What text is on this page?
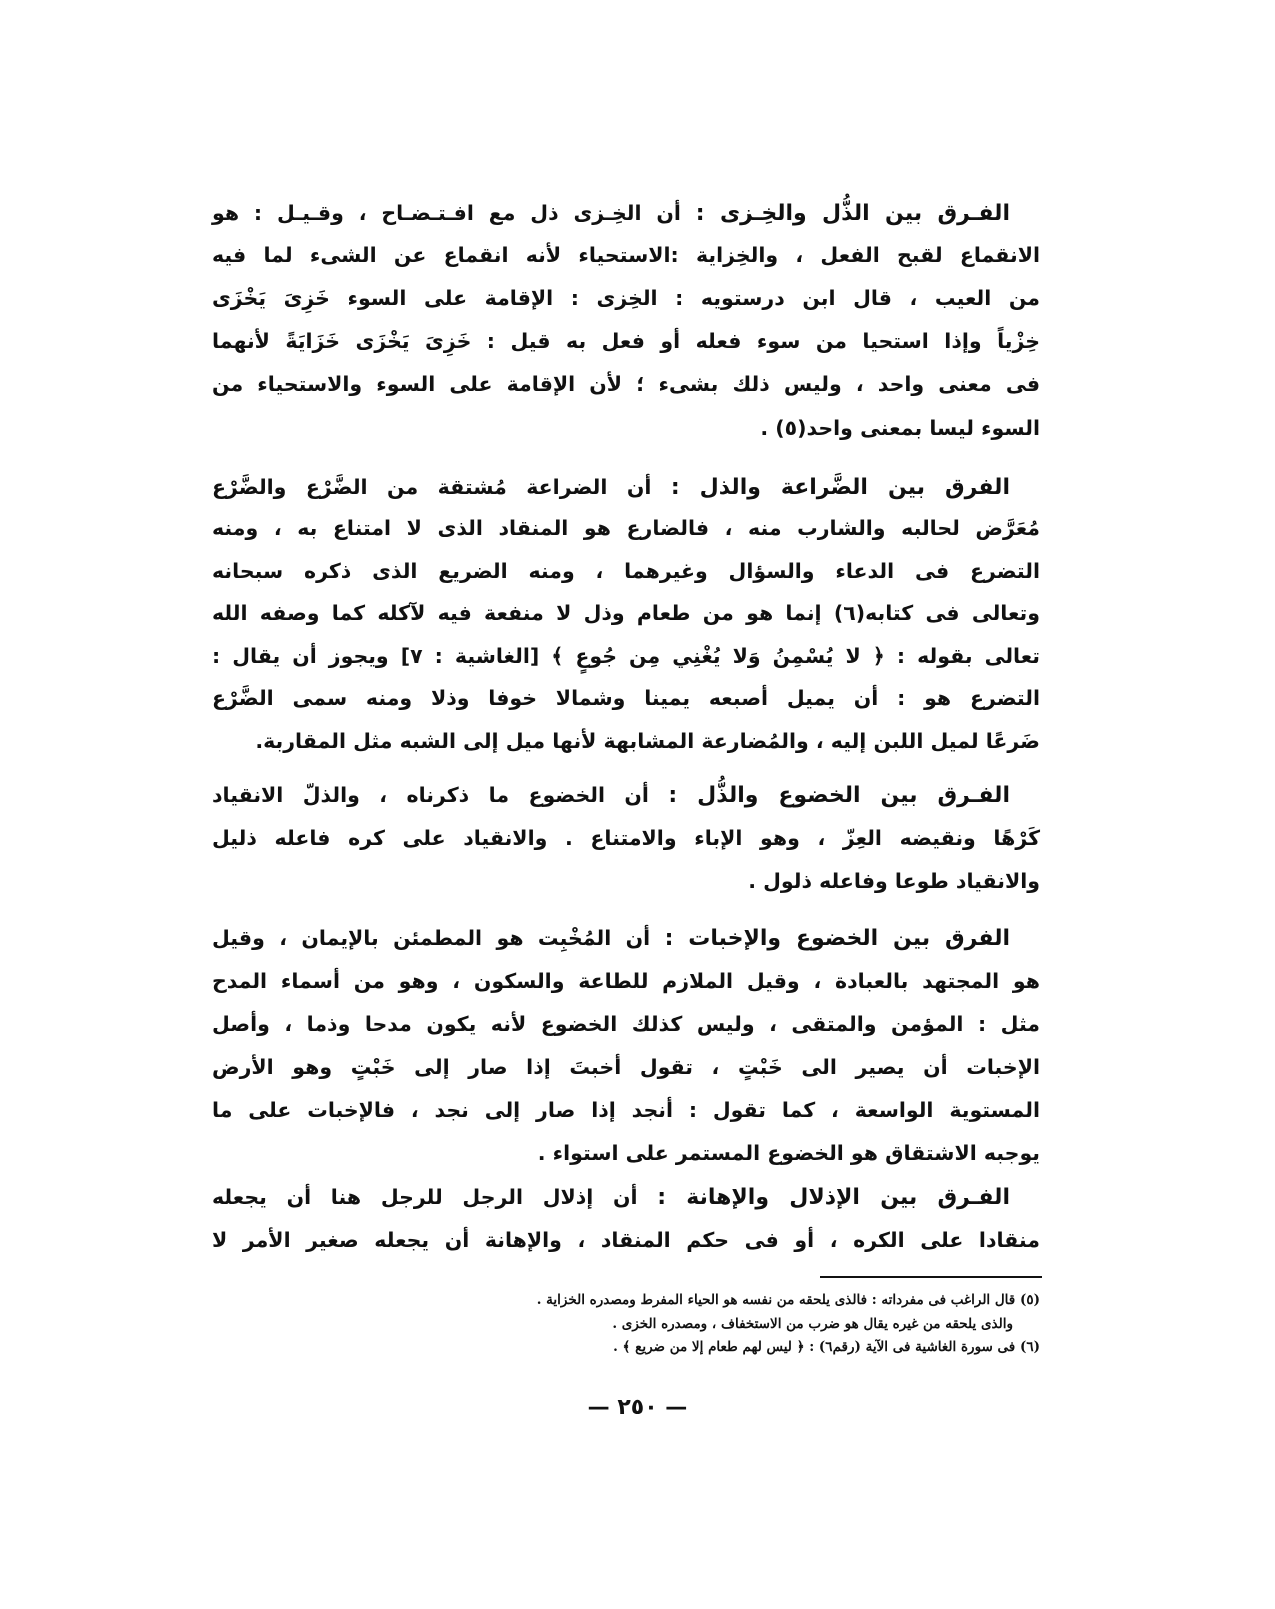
الفـرق بين الذُّل والخِـزى : أن الخِـزى ذل مع افـتـضـاح ، وقـيـل : هو
الانقماع لقبح الفعل ، والخِزاية :الاستحياء لأنه انقماع عن الشىء لما فيه
من العيب ، قال ابن درستويه : الخِزى : الإقامة على السوء خَزِىَ يَخْزَى
خِزْياً وإذا استحيا من سوء فعله أو فعل به قيل : خَزِىَ يَخْزَى خَزَايَةً لأنهما
فى معنى واحد ، وليس ذلك بشىء ؛ لأن الإقامة على السوء والاستحياء من
السوء ليسا بمعنى واحد(٥) .
الفرق بين الضَّراعة والذل : أن الضراعة مُشتقة من الضَّرْع والضَّرْع
مُعَرَّض لحالبه والشارب منه ، فالضارع هو المنقاد الذى لا امتناع به ، ومنه
التضرع فى الدعاء والسؤال وغيرهما ، ومنه الضريع الذى ذكره سبحانه
وتعالى فى كتابه(٦) إنما هو من طعام وذل لا منفعة فيه لآكله كما وصفه الله
تعالى بقوله : ﴿ لا يُسْمِنُ وَلا يُغْنِي مِن جُوعٍ ﴾ [الغاشية : ٧] ويجوز أن يقال :
التضرع هو : أن يميل أصبعه يمينا وشمالا خوفا وذلا ومنه سمى الضَّرْع
ضَرعًا لميل اللبن إليه ، والمُضارعة المشابهة لأنها ميل إلى الشبه مثل المقاربة.
الفـرق بين الخضوع والذُّل : أن الخضوع ما ذكرناه ، والذلّ الانقياد
كَرْهًا ونقيضه العِزّ ، وهو الإباء والامتناع . والانقياد على كره فاعله ذليل
والانقياد طوعا وفاعله ذلول .
الفرق بين الخضوع والإخبات : أن المُخْبِت هو المطمئن بالإيمان ، وقيل
هو المجتهد بالعبادة ، وقيل الملازم للطاعة والسكون ، وهو من أسماء المدح
مثل : المؤمن والمتقى ، وليس كذلك الخضوع لأنه يكون مدحا وذما ، وأصل
الإخبات أن يصير الى خَبْتٍ ، تقول أخبتَ إذا صار إلى خَبْتٍ وهو الأرض
المستوية الواسعة ، كما تقول : أنجد إذا صار إلى نجد ، فالإخبات على ما
يوجبه الاشتقاق هو الخضوع المستمر على استواء .
الفـرق بين الإذلال والإهانة : أن إذلال الرجل للرجل هنا أن يجعله
منقادا على الكره ، أو فى حكم المنقاد ، والإهانة أن يجعله صغير الأمر لا
(٥) قال الراغب فى مفرداته : فالذى يلحقه من نفسه هو الحياء المفرط ومصدره الخزاية .
والذى يلحقه من غيره يقال هو ضرب من الاستخفاف ، ومصدره الخزى .
(٦) فى سورة الغاشية فى الآية (رقم٦) : ﴿ ليس لهم طعام إلا من ضريع ﴾ .
— ٢٥٠ —
